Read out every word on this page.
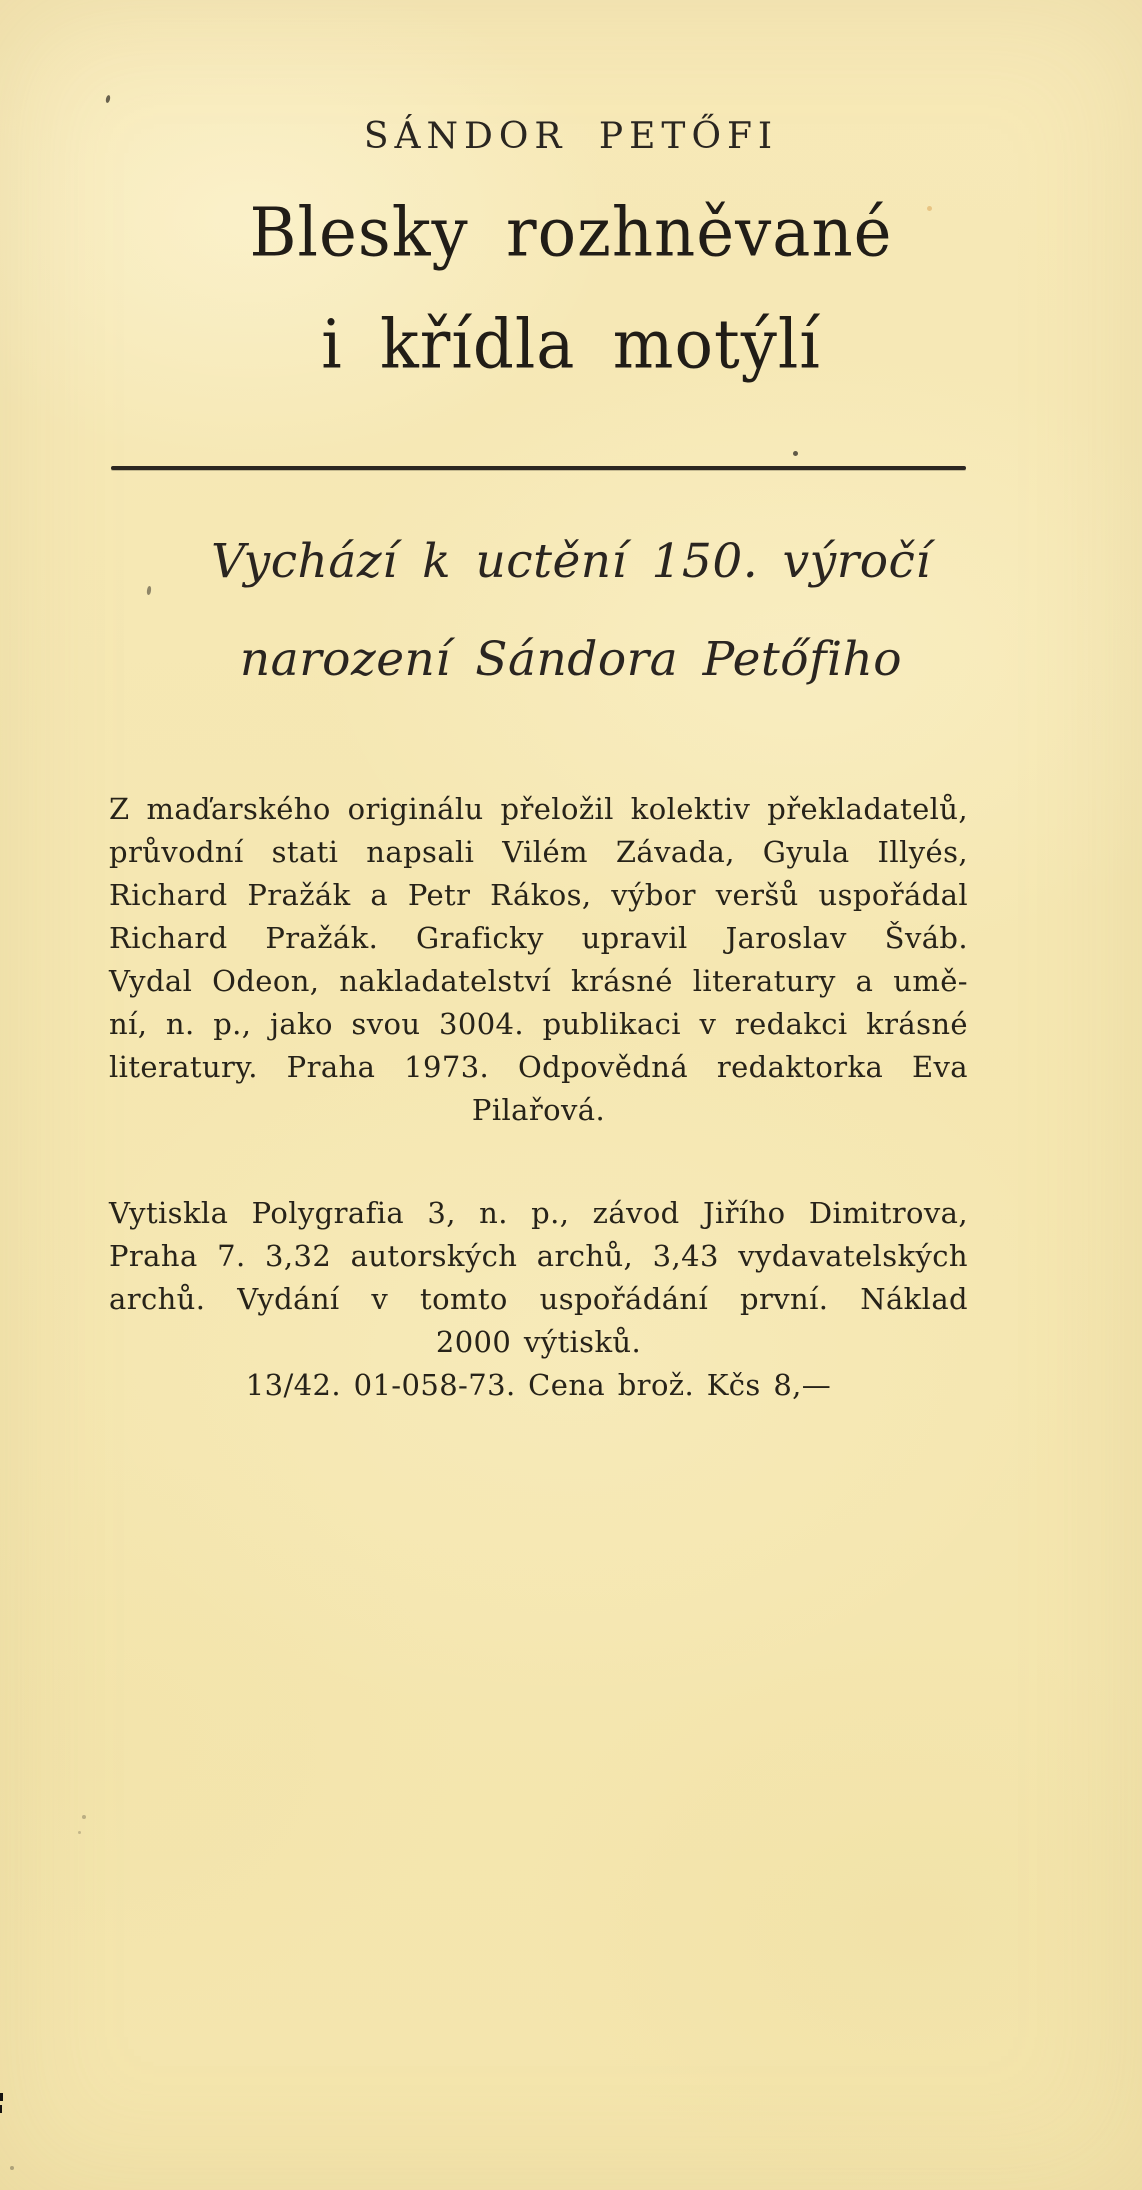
SÁNDOR PETŐFI
Blesky rozhněvané
i křídla motýlí
Vychází k uctění 150. výročí
narození Sándora Petőfiho
Z maďarského originálu přeložil kolektiv překladatelů,
průvodní stati napsali Vilém Závada, Gyula Illyés,
Richard Pražák a Petr Rákos, výbor veršů uspořádal
Richard Pražák. Graficky upravil Jaroslav Šváb.
Vydal Odeon, nakladatelství krásné literatury a umě-
ní, n. p., jako svou 3004. publikaci v redakci krásné
literatury. Praha 1973. Odpovědná redaktorka Eva
Pilařová.
Vytiskla Polygrafia 3, n. p., závod Jiřího Dimitrova,
Praha 7. 3,32 autorských archů, 3,43 vydavatelských
archů. Vydání v tomto uspořádání první. Náklad
2000 výtisků.
13/42. 01-058-73. Cena brož. Kčs 8,—
